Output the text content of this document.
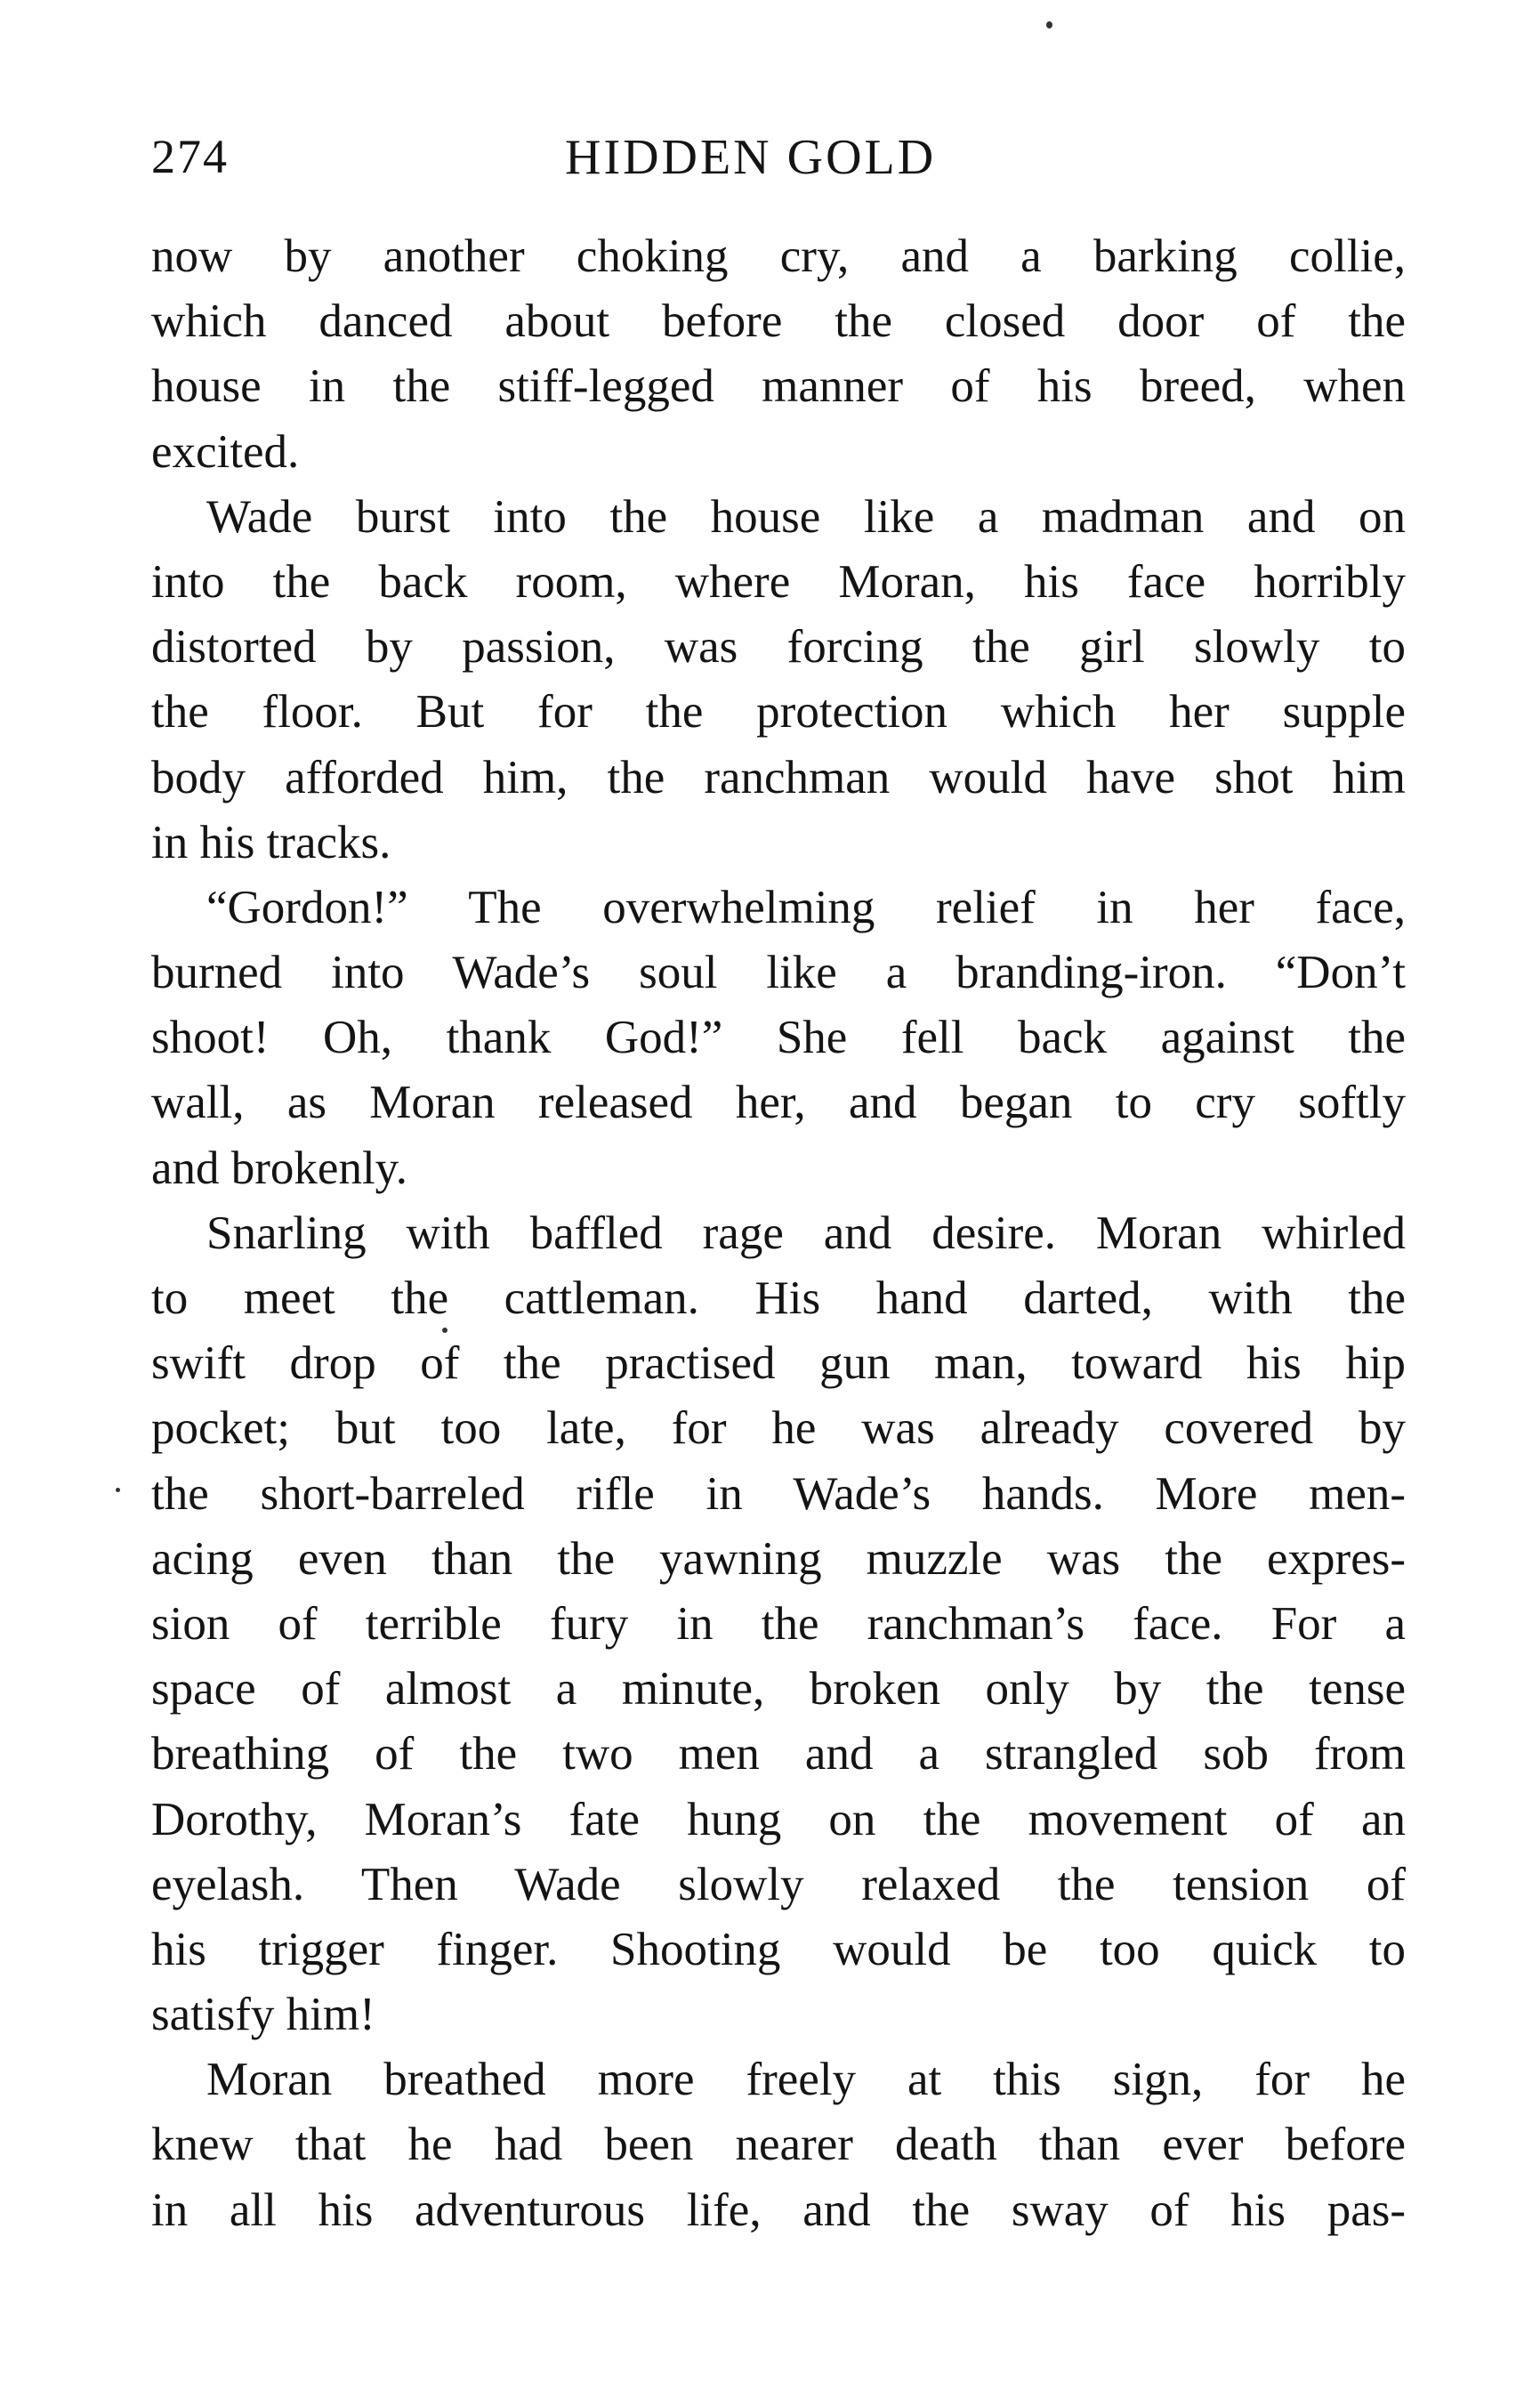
274	HIDDEN GOLD
now by another choking cry, and a barking collie,
which danced about before the closed door of the
house in the stiff-legged manner of his breed, when
excited.
Wade burst into the house like a madman and on
into the back room, where Moran, his face horribly
distorted by passion, was forcing the girl slowly to
the floor. But for the protection which her supple
body afforded him, the ranchman would have shot him
in his tracks.
“Gordon!” The overwhelming relief in her face,
burned into Wade’s soul like a branding-iron. “Don’t
shoot! Oh, thank God!” She fell back against the
wall, as Moran released her, and began to cry softly
and brokenly.
Snarling with baffled rage and desire. Moran whirled
to meet the cattleman. His hand darted, with the
swift drop of the practised gun man, toward his hip
pocket; but too late, for he was already covered by
the short-barreled rifle in Wade’s hands. More men-
acing even than the yawning muzzle was the expres-
sion of terrible fury in the ranchman’s face. For a
space of almost a minute, broken only by the tense
breathing of the two men and a strangled sob from
Dorothy, Moran’s fate hung on the movement of an
eyelash. Then Wade slowly relaxed the tension of
his trigger finger. Shooting would be too quick to
satisfy him!
Moran breathed more freely at this sign, for he
knew that he had been nearer death than ever before
in all his adventurous life, and the sway of his pas-
